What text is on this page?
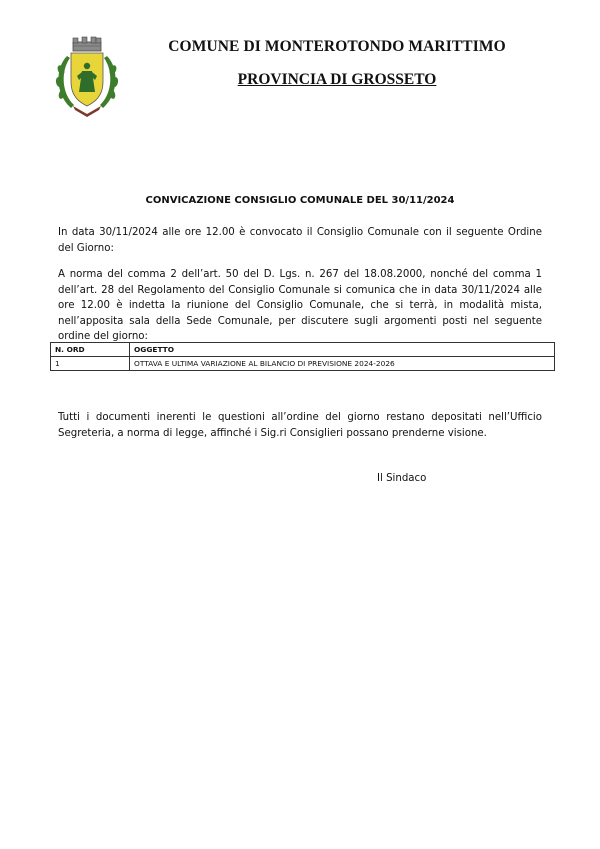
COMUNE DI MONTEROTONDO MARITTIMO
PROVINCIA DI GROSSETO
CONVICAZIONE CONSIGLIO COMUNALE DEL 30/11/2024
In data 30/11/2024 alle ore 12.00 è convocato il Consiglio Comunale con il seguente Ordine del Giorno:
A norma del comma 2 dell’art. 50 del D. Lgs. n. 267 del 18.08.2000, nonché del comma 1 dell’art. 28 del Regolamento del Consiglio Comunale si comunica che in data 30/11/2024 alle ore 12.00 è indetta la riunione del Consiglio Comunale, che si terrà, in modalità mista, nell’apposita sala della Sede Comunale, per discutere sugli argomenti posti nel seguente ordine del giorno:
N. ORD	OGGETTO
1	OTTAVA E ULTIMA VARIAZIONE AL BILANCIO DI PREVISIONE 2024-2026
Tutti i documenti inerenti le questioni all’ordine del giorno restano depositati nell’Ufficio Segreteria, a norma di legge, affinché i Sig.ri Consiglieri possano prenderne visione.
Il Sindaco
